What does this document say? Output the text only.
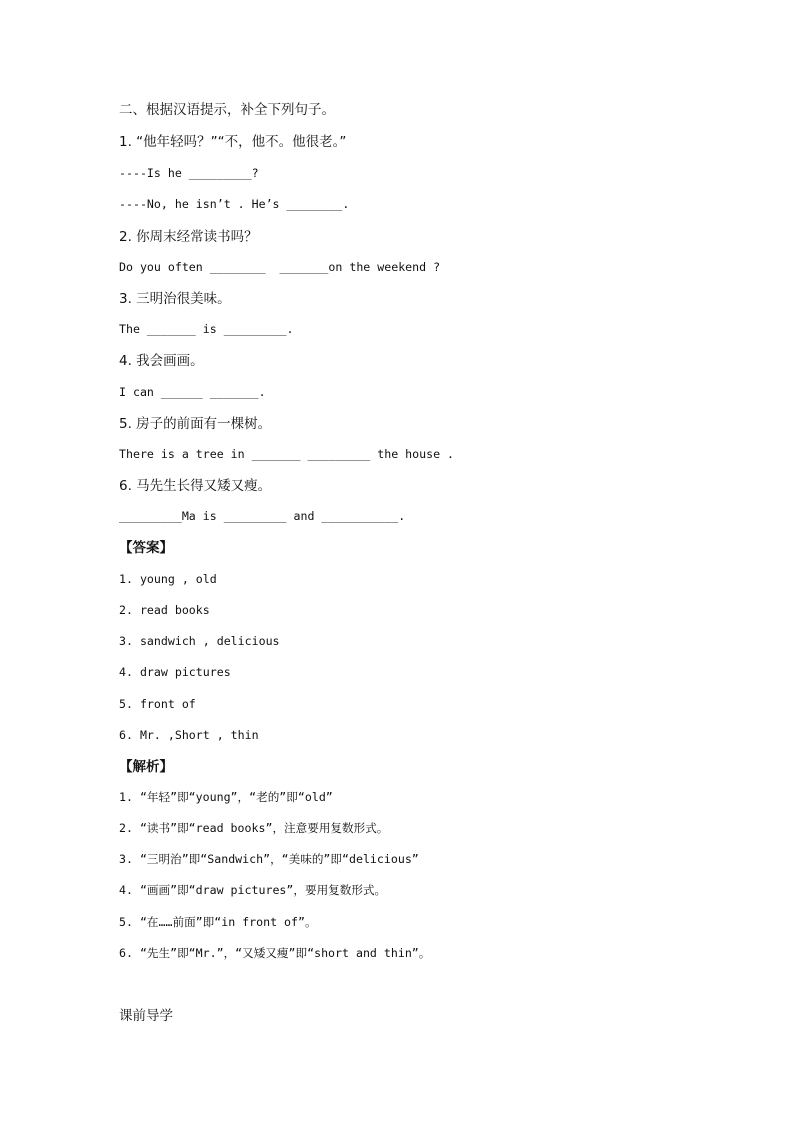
二、根据汉语提示，补全下列句子。
1. “他年轻吗？”“不，他不。他很老。”
----Is he _________?
----No, he isn’t . He’s ________.
2. 你周末经常读书吗？
Do you often ________  _______on the weekend ?
3. 三明治很美味。
The _______ is _________.
4. 我会画画。
I can ______ _______.
5. 房子的前面有一棵树。
There is a tree in _______ _________ the house .
6. 马先生长得又矮又瘦。
_________Ma is _________ and ___________.
【答案】
1. young , old
2. read books
3. sandwich , delicious
4. draw pictures
5. front of
6. Mr. ,Short , thin
【解析】
1. “年轻”即“young”，“老的”即“old”
2. “读书”即“read books”，注意要用复数形式。
3. “三明治”即“Sandwich”，“美味的”即“delicious”
4. “画画”即“draw pictures”，要用复数形式。
5. “在……前面”即“in front of”。
6. “先生”即“Mr.”，“又矮又瘦”即“short and thin”。
课前导学
